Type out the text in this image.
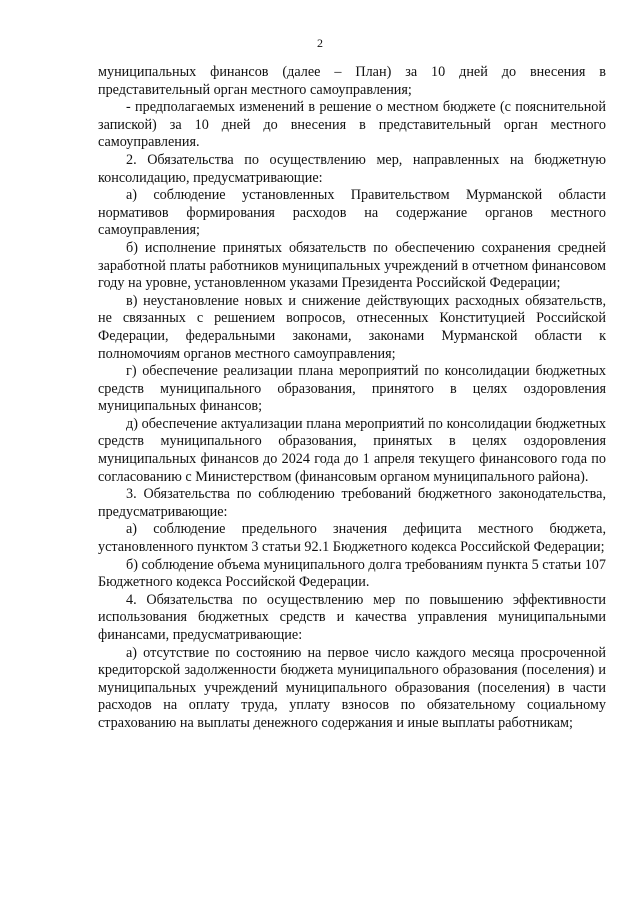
2

муниципальных финансов (далее – План) за 10 дней до внесения в представительный орган местного самоуправления;

- предполагаемых изменений в решение о местном бюджете (с пояснительной запиской) за 10 дней до внесения в представительный орган местного самоуправления.

2. Обязательства по осуществлению мер, направленных на бюджетную консолидацию, предусматривающие:

а) соблюдение установленных Правительством Мурманской области нормативов формирования расходов на содержание органов местного самоуправления;

б) исполнение принятых обязательств по обеспечению сохранения средней заработной платы работников муниципальных учреждений в отчетном финансовом году на уровне, установленном указами Президента Российской Федерации;

в) неустановление новых и снижение действующих расходных обязательств, не связанных с решением вопросов, отнесенных Конституцией Российской Федерации, федеральными законами, законами Мурманской области к полномочиям органов местного самоуправления;

г) обеспечение реализации плана мероприятий по консолидации бюджетных средств муниципального образования, принятого в целях оздоровления муниципальных финансов;

д) обеспечение актуализации плана мероприятий по консолидации бюджетных средств муниципального образования, принятых в целях оздоровления муниципальных финансов до 2024 года до 1 апреля текущего финансового года по согласованию с Министерством (финансовым органом муниципального района).

3. Обязательства по соблюдению требований бюджетного законодательства, предусматривающие:

а) соблюдение предельного значения дефицита местного бюджета, установленного пунктом 3 статьи 92.1 Бюджетного кодекса Российской Федерации;

б) соблюдение объема муниципального долга требованиям пункта 5 статьи 107 Бюджетного кодекса Российской Федерации.

4. Обязательства по осуществлению мер по повышению эффективности использования бюджетных средств и качества управления муниципальными финансами, предусматривающие:

а) отсутствие по состоянию на первое число каждого месяца просроченной кредиторской задолженности бюджета муниципального образования (поселения) и муниципальных учреждений муниципального образования (поселения) в части расходов на оплату труда, уплату взносов по обязательному социальному страхованию на выплаты денежного содержания и иные выплаты работникам;
